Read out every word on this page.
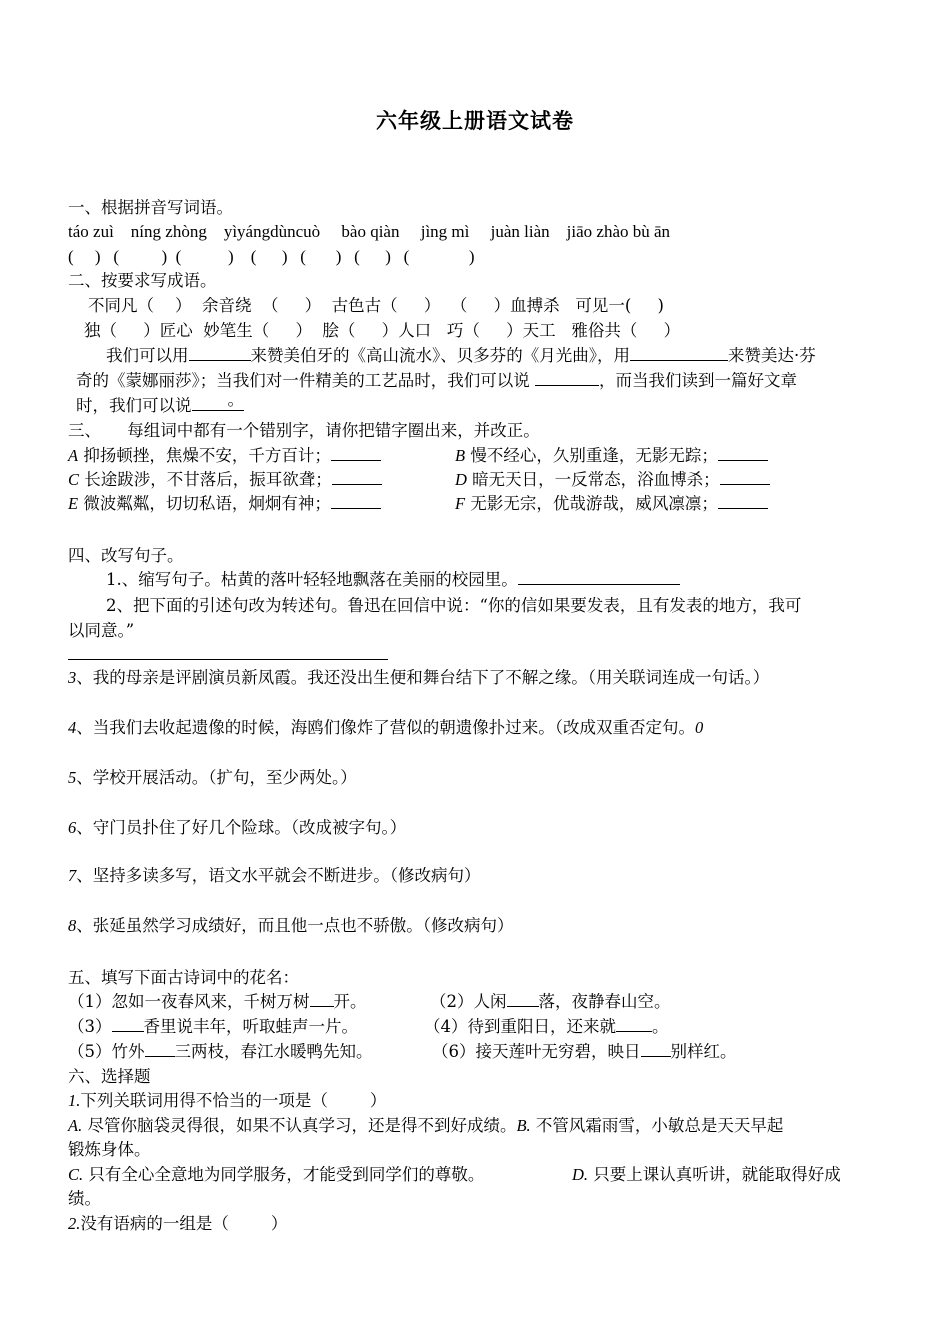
六年级上册语文试卷
一、根据拼音写词语。
táo zuì níng zhòng yìyángdùncuò bào qiàn jìng mì juàn liàn jiāo zhào bù ān
(     )   (          )  (           )    (      )   (       )   (      )   (              )
二、按要求写成语。
不同凡（    ）  余音绕  （     ）  古色古（     ）  （     ）血搏杀   可见一(     )
独（     ）匠心  妙笔生（     ）  脍（     ）人口   巧（     ）天工   雅俗共（     ）
我们可以用	来赞美伯牙的《高山流水》、贝多芬的《月光曲》，用	来赞美达·芬
奇的《蒙娜丽莎》；当我们对一件精美的工艺品时，我们可以说	，而当我们读到一篇好文章
时，我们可以说 。
三、     每组词中都有一个错别字，请你把错字圈出来，并改正。
A 抑扬顿挫，焦燥不安，千方百计；	B 慢不经心，久别重逢，无影无踪；
C 长途跋涉，不甘落后，振耳欲聋；	D 暗无天日，一反常态，浴血博杀；
E 微波粼粼，切切私语，炯炯有神；	F 无影无宗，优哉游哉，威风凛凛；
四、改写句子。
1.、缩写句子。枯黄的落叶轻轻地飘落在美丽的校园里。
2、把下面的引述句改为转述句。鲁迅在回信中说：“你的信如果要发表，且有发表的地方，我可
以同意。”
3、我的母亲是评剧演员新凤霞。我还没出生便和舞台结下了不解之缘。（用关联词连成一句话。）
4、当我们去收起遗像的时候，海鸥们像炸了营似的朝遗像扑过来。（改成双重否定句。0
5、学校开展活动。（扩句，至少两处。）
6、守门员扑住了好几个险球。（改成被字句。）
7、坚持多读多写，语文水平就会不断进步。（修改病句）
8、张延虽然学习成绩好，而且他一点也不骄傲。（修改病句）
五、填写下面古诗词中的花名：
（1）忽如一夜春风来，千树万树 开。	（2）人闲 落，夜静春山空。
（3） 香里说丰年，听取蛙声一片。	（4）待到重阳日，还来就 。
（5）竹外 三两枝，春江水暖鸭先知。	（6）接天莲叶无穷碧，映日 别样红。
六、选择题
1.下列关联词用得不恰当的一项是（        ）
A. 尽管你脑袋灵得很，如果不认真学习，还是得不到好成绩。B. 不管风霜雨雪，小敏总是天天早起
锻炼身体。
C. 只有全心全意地为同学服务，才能受到同学们的尊敬。	D. 只要上课认真听讲，就能取得好成
绩。
2.没有语病的一组是（        ）
